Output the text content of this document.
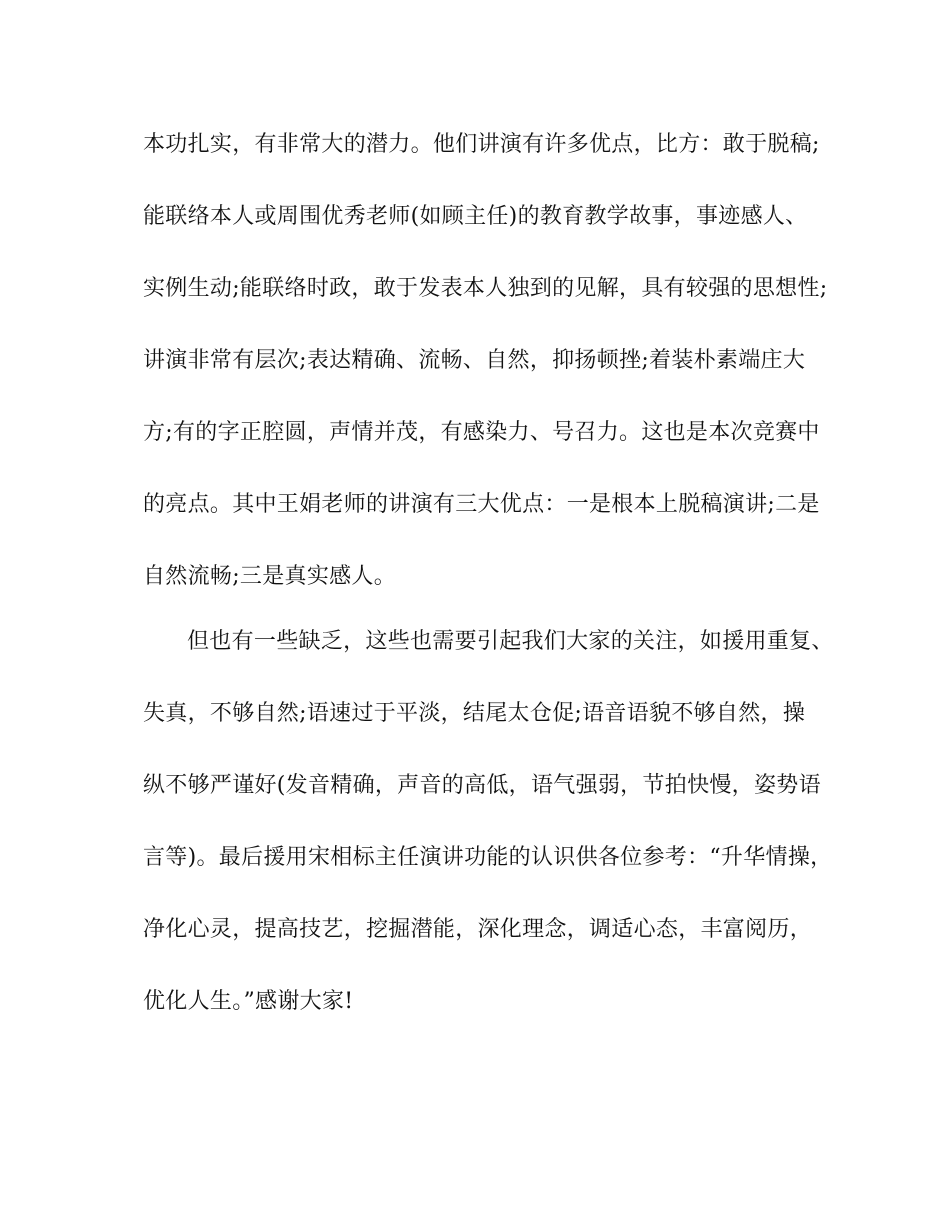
本功扎实，有非常大的潜力。他们讲演有许多优点，比方：敢于脱稿;
能联络本人或周围优秀老师(如顾主任)的教育教学故事，事迹感人、
实例生动;能联络时政，敢于发表本人独到的见解，具有较强的思想性;
讲演非常有层次;表达精确、流畅、自然，抑扬顿挫;着装朴素端庄大
方;有的字正腔圆，声情并茂，有感染力、号召力。这也是本次竞赛中
的亮点。其中王娟老师的讲演有三大优点：一是根本上脱稿演讲;二是
自然流畅;三是真实感人。
但也有一些缺乏，这些也需要引起我们大家的关注，如援用重复、
失真，不够自然;语速过于平淡，结尾太仓促;语音语貌不够自然，操
纵不够严谨好(发音精确，声音的高低，语气强弱，节拍快慢，姿势语
言等)。最后援用宋相标主任演讲功能的认识供各位参考：“升华情操，
净化心灵，提高技艺，挖掘潜能，深化理念，调适心态，丰富阅历，
优化人生。”感谢大家!
